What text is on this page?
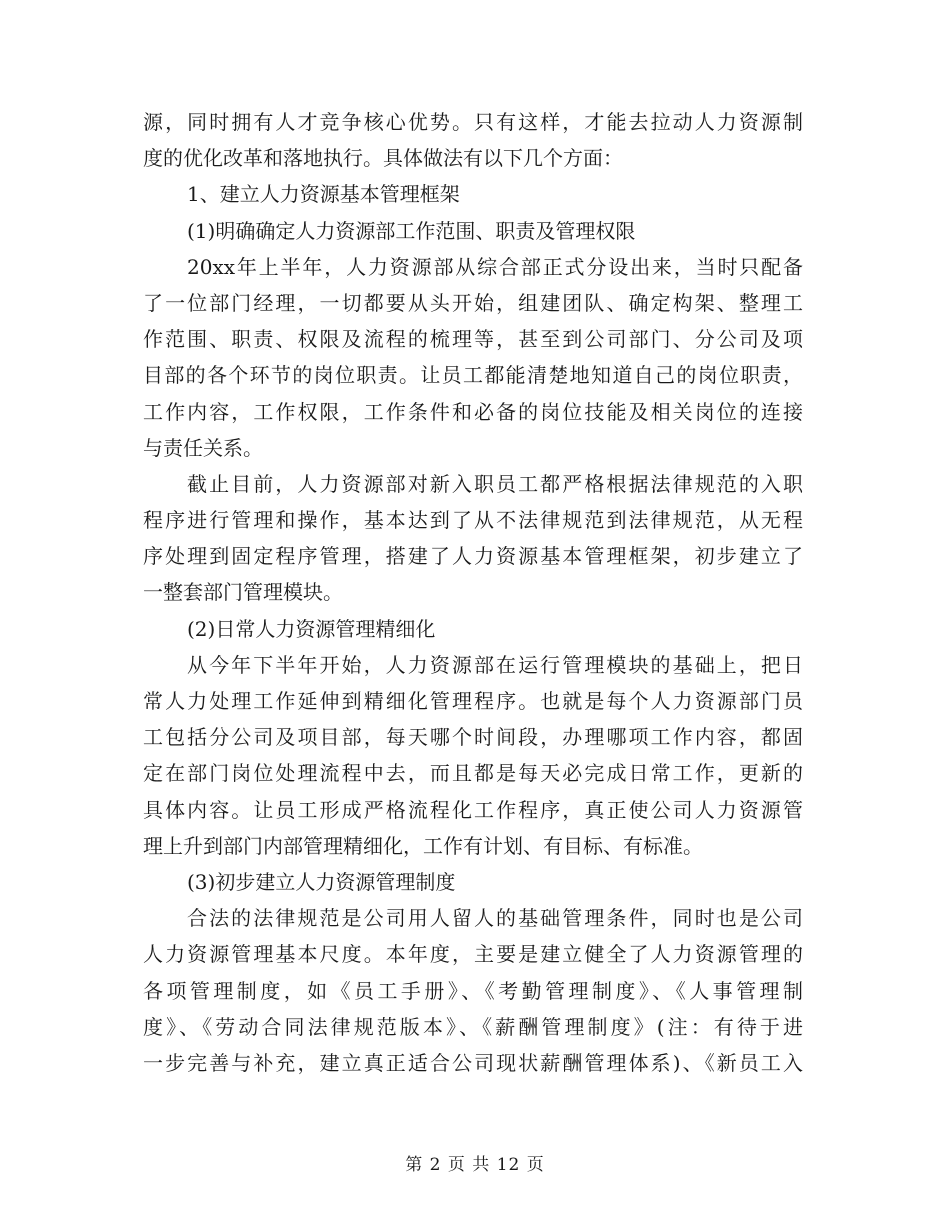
源，同时拥有人才竞争核心优势。只有这样，才能去拉动人力资源制
度的优化改革和落地执行。具体做法有以下几个方面：
1、建立人力资源基本管理框架
(1)明确确定人力资源部工作范围、职责及管理权限
20xx年上半年，人力资源部从综合部正式分设出来，当时只配备
了一位部门经理，一切都要从头开始，组建团队、确定构架、整理工
作范围、职责、权限及流程的梳理等，甚至到公司部门、分公司及项
目部的各个环节的岗位职责。让员工都能清楚地知道自己的岗位职责，
工作内容，工作权限，工作条件和必备的岗位技能及相关岗位的连接
与责任关系。
截止目前，人力资源部对新入职员工都严格根据法律规范的入职
程序进行管理和操作，基本达到了从不法律规范到法律规范，从无程
序处理到固定程序管理，搭建了人力资源基本管理框架，初步建立了
一整套部门管理模块。
(2)日常人力资源管理精细化
从今年下半年开始，人力资源部在运行管理模块的基础上，把日
常人力处理工作延伸到精细化管理程序。也就是每个人力资源部门员
工包括分公司及项目部，每天哪个时间段，办理哪项工作内容，都固
定在部门岗位处理流程中去，而且都是每天必完成日常工作，更新的
具体内容。让员工形成严格流程化工作程序，真正使公司人力资源管
理上升到部门内部管理精细化，工作有计划、有目标、有标准。
(3)初步建立人力资源管理制度
合法的法律规范是公司用人留人的基础管理条件，同时也是公司
人力资源管理基本尺度。本年度，主要是建立健全了人力资源管理的
各项管理制度，如《员工手册》、《考勤管理制度》、《人事管理制
度》、《劳动合同法律规范版本》、《薪酬管理制度》(注：有待于进
一步完善与补充，建立真正适合公司现状薪酬管理体系)、《新员工入
第 2 页 共 12 页
